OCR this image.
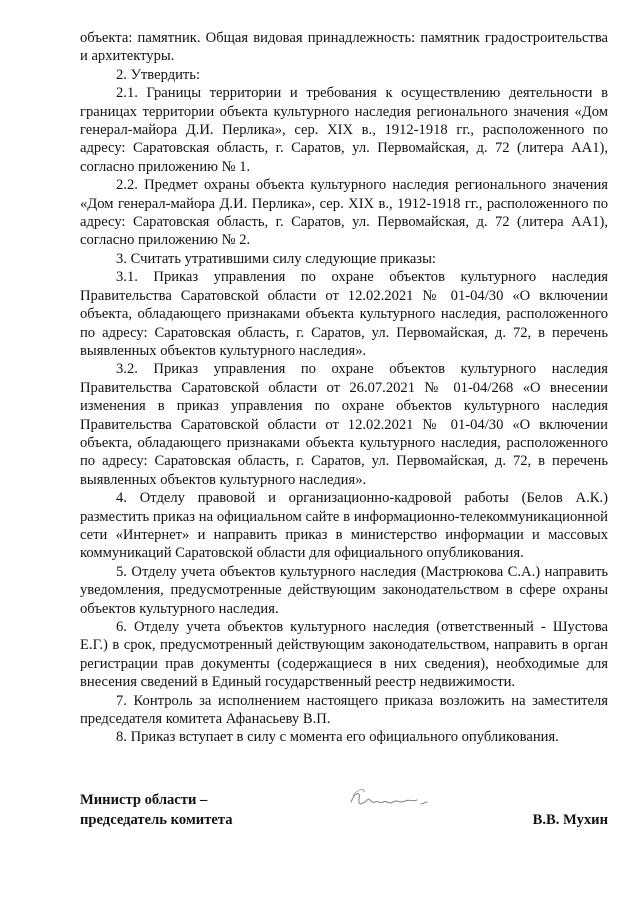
объекта: памятник. Общая видовая принадлежность: памятник градостроительства и архитектуры.

2. Утвердить:

2.1. Границы территории и требования к осуществлению деятельности в границах территории объекта культурного наследия регионального значения «Дом генерал-майора Д.И. Перлика», сер. XIX в., 1912-1918 гг., расположенного по адресу: Саратовская область, г. Саратов, ул. Первомайская, д. 72 (литера АА1), согласно приложению № 1.

2.2. Предмет охраны объекта культурного наследия регионального значения «Дом генерал-майора Д.И. Перлика», сер. XIX в., 1912-1918 гг., расположенного по адресу: Саратовская область, г. Саратов, ул. Первомайская, д. 72 (литера АА1), согласно приложению № 2.

3. Считать утратившими силу следующие приказы:

3.1. Приказ управления по охране объектов культурного наследия Правительства Саратовской области от 12.02.2021 № 01-04/30 «О включении объекта, обладающего признаками объекта культурного наследия, расположенного по адресу: Саратовская область, г. Саратов, ул. Первомайская, д. 72, в перечень выявленных объектов культурного наследия».

3.2. Приказ управления по охране объектов культурного наследия Правительства Саратовской области от 26.07.2021 № 01-04/268 «О внесении изменения в приказ управления по охране объектов культурного наследия Правительства Саратовской области от 12.02.2021 № 01-04/30 «О включении объекта, обладающего признаками объекта культурного наследия, расположенного по адресу: Саратовская область, г. Саратов, ул. Первомайская, д. 72, в перечень выявленных объектов культурного наследия».

4. Отделу правовой и организационно-кадровой работы (Белов А.К.) разместить приказ на официальном сайте в информационно-телекоммуникационной сети «Интернет» и направить приказ в министерство информации и массовых коммуникаций Саратовской области для официального опубликования.

5. Отделу учета объектов культурного наследия (Мастрюкова С.А.) направить уведомления, предусмотренные действующим законодательством в сфере охраны объектов культурного наследия.

6. Отделу учета объектов культурного наследия (ответственный - Шустова Е.Г.) в срок, предусмотренный действующим законодательством, направить в орган регистрации прав документы (содержащиеся в них сведения), необходимые для внесения сведений в Единый государственный реестр недвижимости.

7. Контроль за исполнением настоящего приказа возложить на заместителя председателя комитета Афанасьеву В.П.

8. Приказ вступает в силу с момента его официального опубликования.

Министр области –
председатель комитета	В.В. Мухин
